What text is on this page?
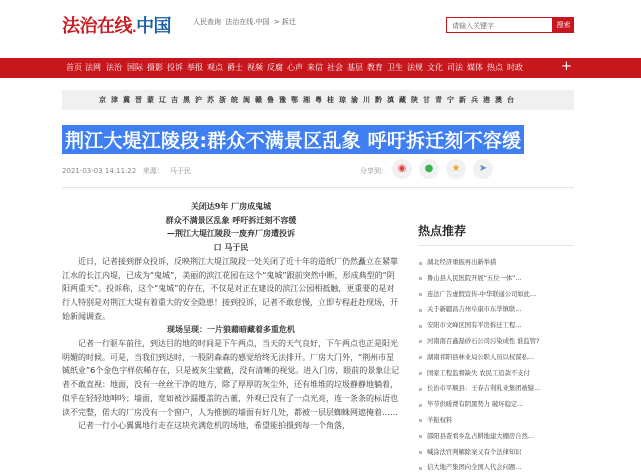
法治在线.中国	人民查询 法治在线.中国 > 拆迁	请输入关键字	搜索
首页 法网 法治 国际 摄影 投诉 举报 观点 爵士 视频 反腐 心声 来信 社会 基层 教育 卫生 法规 文化 司法 媒体 热点 时政	+
京 津 冀 晋 蒙 辽 吉 黑 沪 苏 浙 皖 闽 赣 鲁 豫 鄂 湘 粤 桂 琼 渝 川 黔 滇 藏 陕 甘 青 宁 新 兵 港 澳 台
荆江大堤江陵段:群众不满景区乱象 呼吁拆迁刻不容缓
2021-03-03 14:11:22 来源： 马于民	分享到:	◉	●	★	➤
关闭达9年 厂房成鬼城
群众不满景区乱象 呼吁拆迁刻不容缓
—荆江大堤江陵段一废弃厂房遭投诉
口 马于民

近日，记者接到群众投诉，反映荆江大堤江陵段一处关闭了近十年的造纸厂仍然矗立在紧靠江水的长江内堤，已成为“鬼城”，美丽的滨江花园在这个“鬼城”跟前突然中断，形成典型的“阴阳两重天”。投诉称，这个“鬼城”的存在，不仅是对正在建设的滨江公园相抵触，更重要的是对行人特别是对荆江大堤有着重大的安全隐患！接到投诉，记者不敢怠慢，立即专程赶赴现场，开始新闻调查。

现场呈现：一片狼藉暗藏着多重危机

记者一行驱车前往，到达目的地的时间是下午两点，当天的天气良好，下午两点也正是阳光明媚的时候。可是，当我们到达时，一股阴森森的感觉给终无法排开。厂房大门外，“荆州市星铖纸业”6个金色字样依稀存在，只是被灰尘蒙蔽，没有清晰的视觉。进入门房，眼前的景象让记者不敢直视：地面，没有一丝丝干净的地方，除了厚厚的灰尘外，还有堆堆的垃圾静静地躺着，似乎在轻轻地呻吟；墙面，宽如被沙漏覆盖的古董，外观已没有了一点光亮，连一条条的标语也读不完整，偌大的厂房没有一个窗户，人为推倒的墙面有好几处，都被一层层蜘蛛网遮掩着……

记者一行小心翼翼地行走在这块充满危机的场地，希望能拍摄到每一个角落，

热点推荐
湖北经济重振再出新举措
鲁山县人民医院开展“五位一体”…
连法广告虚假宣传-中华联通公司如此…
关于新疆昌吉州阜康市东华镇联…
安阳市文峰区国有平房拆迁工程…
河南南召鑫磊砂石公司污染成性 谁监管?
湖南祁阳县林业局公职人员以权谋私…
国家工程监督缺失 农民工追款不支付
长治市平顺县：王春吉利乳业集团被疑…
毕节供暖费有阴黑势力 破坏稳定…
羊振权料
邵阳县查看乡乱占耕地建大棚房自然…
喊涂法官判解除案又有个法律知识
信大地产集团向全国人代会问题…
